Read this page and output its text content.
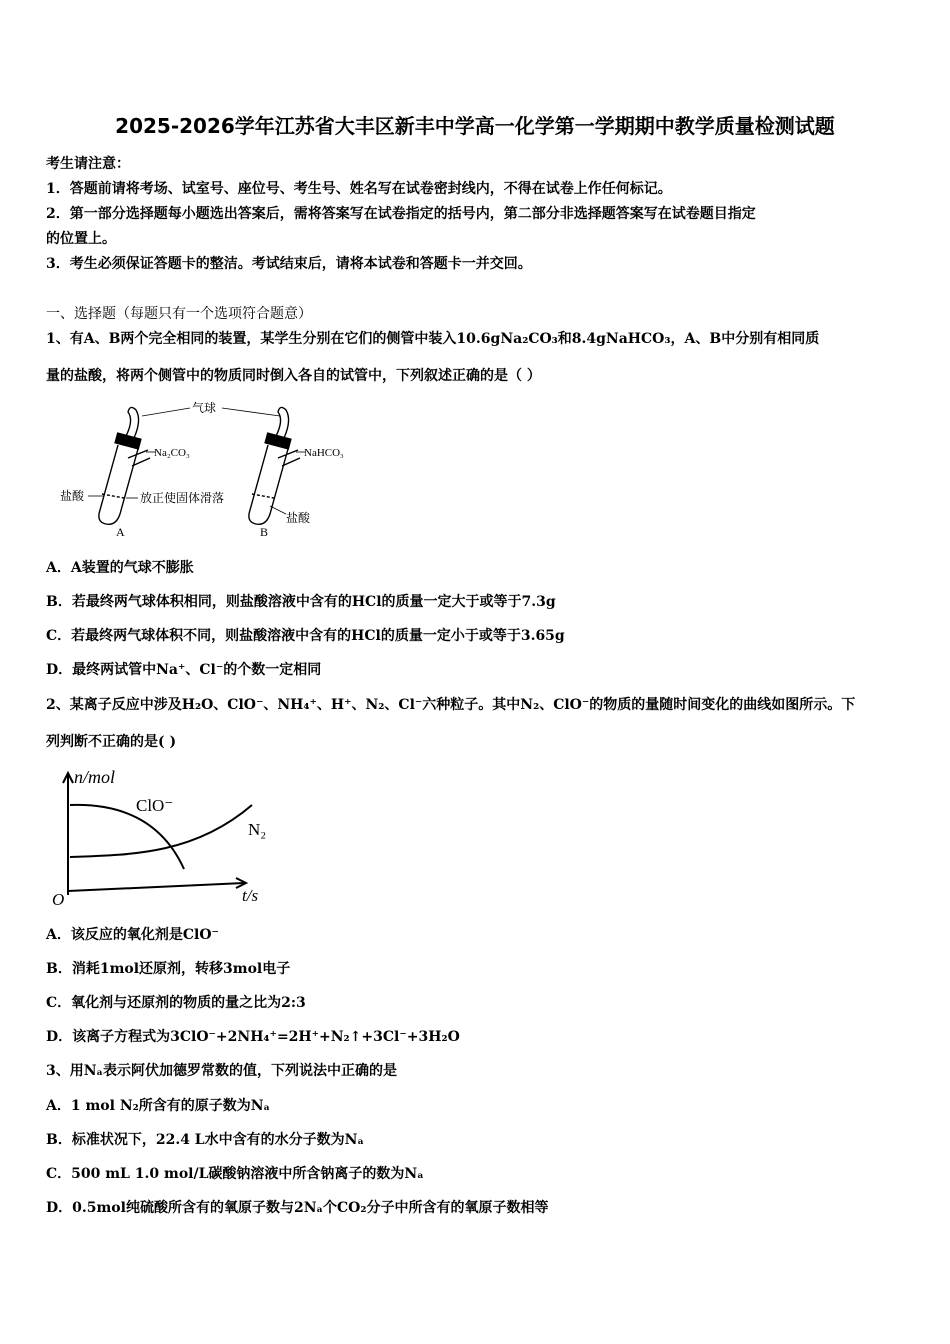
2025-2026学年江苏省大丰区新丰中学高一化学第一学期期中教学质量检测试题
考生请注意：
1．答题前请将考场、试室号、座位号、考生号、姓名写在试卷密封线内，不得在试卷上作任何标记。
2．第一部分选择题每小题选出答案后，需将答案写在试卷指定的括号内，第二部分非选择题答案写在试卷题目指定
的位置上。
3．考生必须保证答题卡的整洁。考试结束后，请将本试卷和答题卡一并交回。
一、选择题（每题只有一个选项符合题意）
1、有A、B两个完全相同的装置，某学生分别在它们的侧管中装入10.6gNa₂CO₃和8.4gNaHCO₃，A、B中分别有相同质
量的盐酸，将两个侧管中的物质同时倒入各自的试管中，下列叙述正确的是（ ）
气球
Na₂CO₃	NaHCO₃
盐酸	放正使固体滑落
盐酸
A	B
A．A装置的气球不膨胀
B．若最终两气球体积相同，则盐酸溶液中含有的HCl的质量一定大于或等于7.3g
C．若最终两气球体积不同，则盐酸溶液中含有的HCl的质量一定小于或等于3.65g
D．最终两试管中Na⁺、Cl⁻的个数一定相同
2、某离子反应中涉及H₂O、ClO⁻、NH₄⁺、H⁺、N₂、Cl⁻六种粒子。其中N₂、ClO⁻的物质的量随时间变化的曲线如图所示。下
列判断不正确的是( )
n/mol
t/s
O
ClO⁻
N₂
A．该反应的氧化剂是ClO⁻
B．消耗1mol还原剂，转移3mol电子
C．氧化剂与还原剂的物质的量之比为2:3
D．该离子方程式为3ClO⁻+2NH₄⁺=2H⁺+N₂↑+3Cl⁻+3H₂O
3、用Nₐ表示阿伏加德罗常数的值，下列说法中正确的是
A．1 mol N₂所含有的原子数为Nₐ
B．标准状况下，22.4 L水中含有的水分子数为Nₐ
C．500 mL 1.0 mol/L碳酸钠溶液中所含钠离子的数为Nₐ
D．0.5mol纯硫酸所含有的氧原子数与2Nₐ个CO₂分子中所含有的氧原子数相等
